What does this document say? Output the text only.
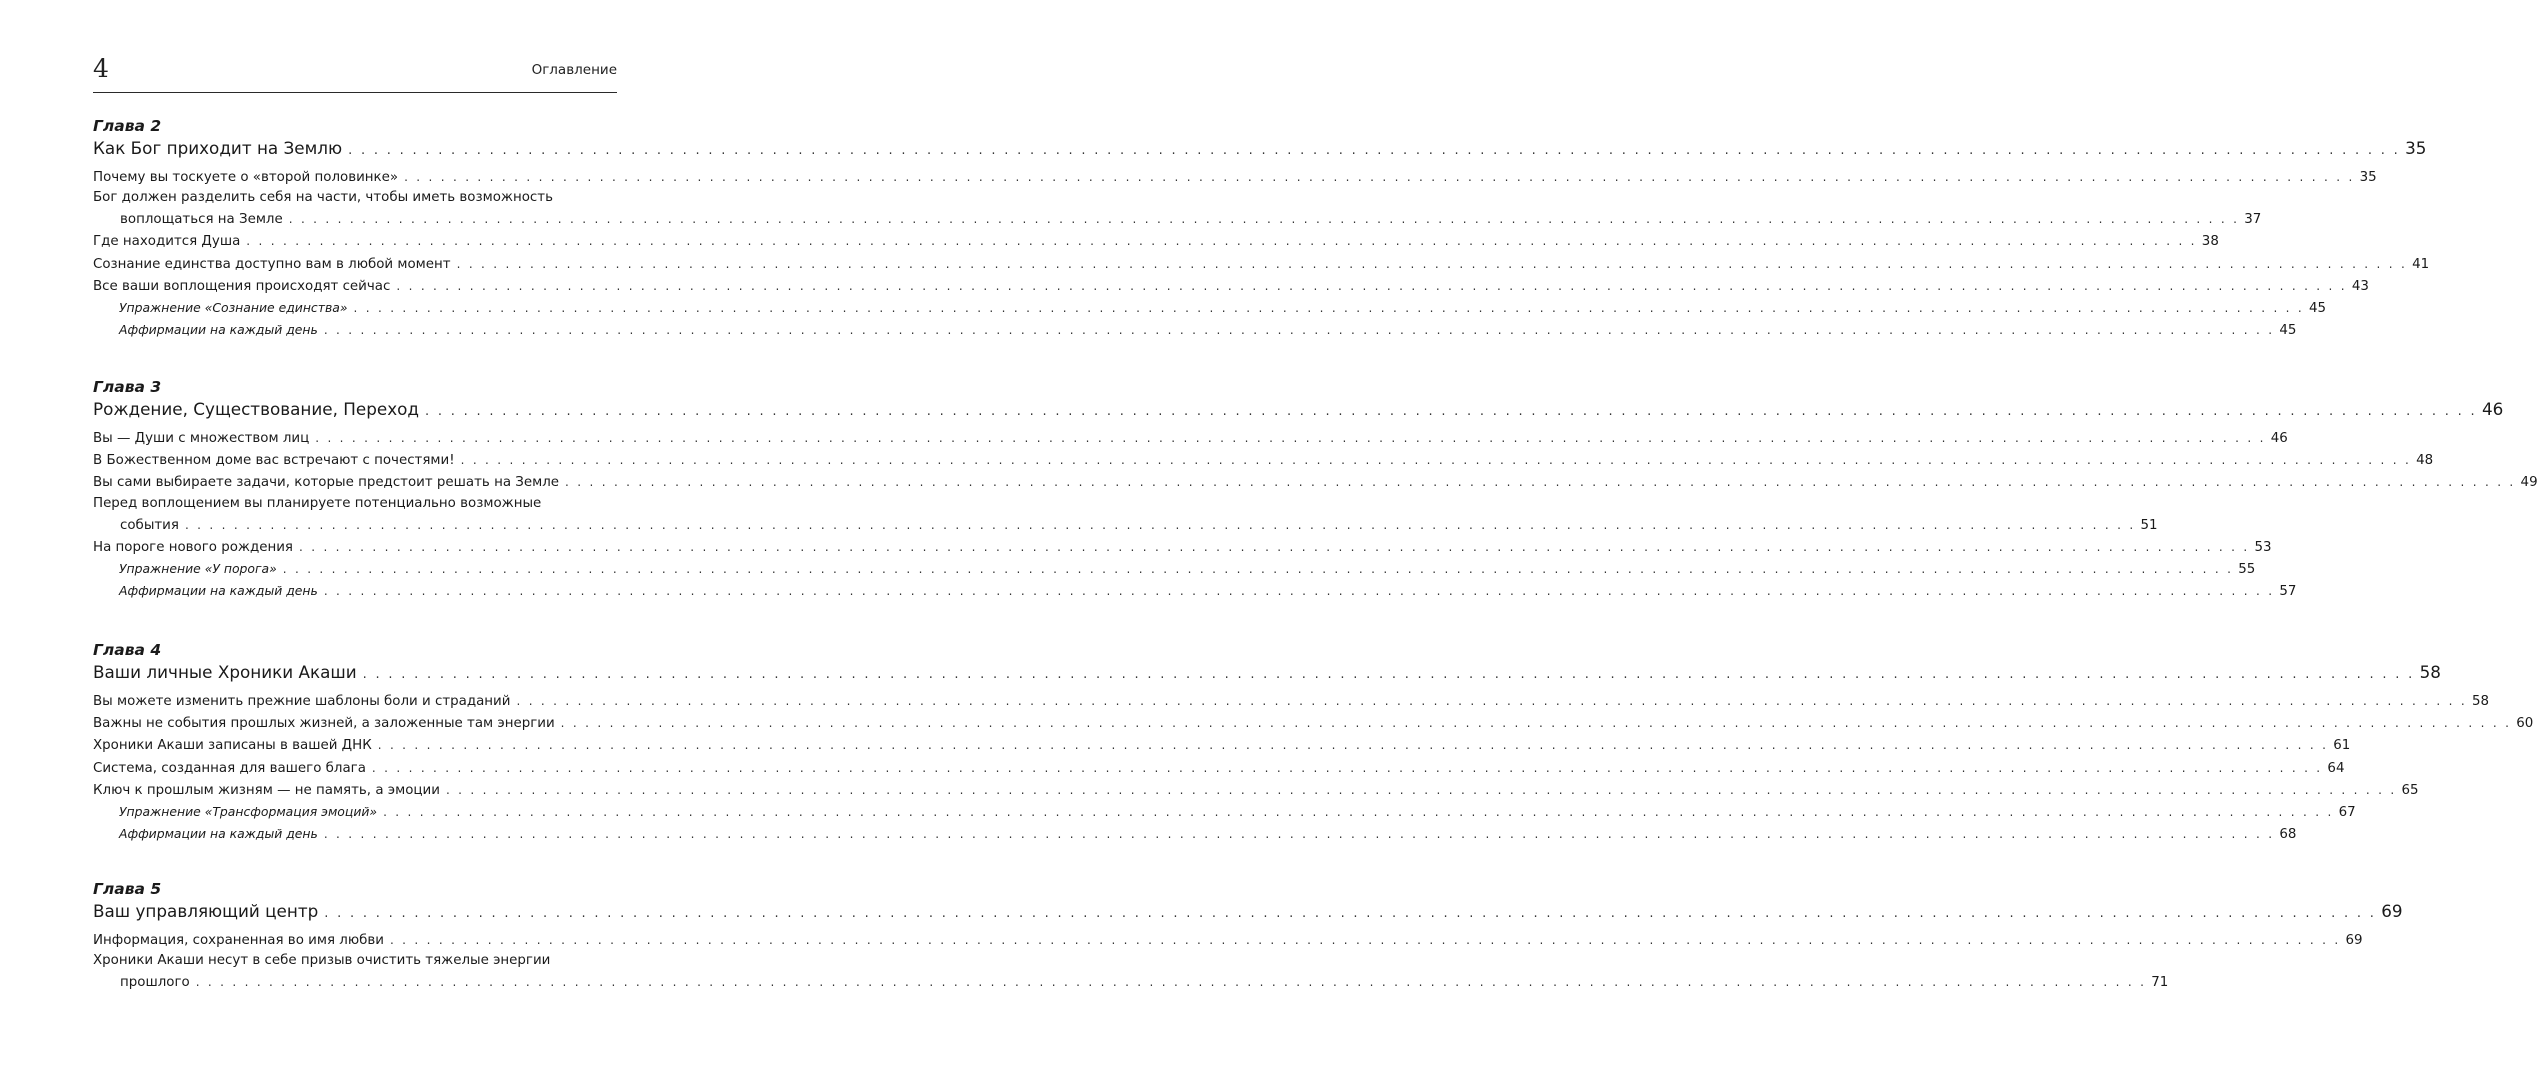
4	Оглавление
Глава 2
Как Бог приходит на Землю . . . . . . . . . . . . . . . . . . . . . . . . . . . . . . . . . . . . . . . . . . . . . . . . . . . . . . . . . . . . . . . . . . . . . . . . . . . . . . . . . . . . . . . . . . . . . . . . . . . . . . . . . . . . . . . . . . . . . . . . . . . . . . . . . . . . . . . . . . . . . . . . . . . . . . . . . . . . . . . . 35
Почему вы тоскуете о «второй половинке» . . . . . . . . . . . . . . . . . . . . . . . . . . . . . . . . . . . . . . . . . . . . . . . . . . . . . . . . . . . . . . . . . . . . . . . . . . . . . . . . . . . . . . . . . . . . . . . . . . . . . . . . . . . . . . . . . . . . . . . . . . . . . . . . . . . . . . . . . . . . . . . . . . . . . . . . . . . . . . . . 35
Бог должен разделить себя на части, чтобы иметь возможность
воплощаться на Земле . . . . . . . . . . . . . . . . . . . . . . . . . . . . . . . . . . . . . . . . . . . . . . . . . . . . . . . . . . . . . . . . . . . . . . . . . . . . . . . . . . . . . . . . . . . . . . . . . . . . . . . . . . . . . . . . . . . . . . . . . . . . . . . . . . . . . . . . . . . . . . . . . . . . . . . . . . . . . . . . 37
Где находится Душа . . . . . . . . . . . . . . . . . . . . . . . . . . . . . . . . . . . . . . . . . . . . . . . . . . . . . . . . . . . . . . . . . . . . . . . . . . . . . . . . . . . . . . . . . . . . . . . . . . . . . . . . . . . . . . . . . . . . . . . . . . . . . . . . . . . . . . . . . . . . . . . . . . . . . . . . . . . . . . . . 38
Сознание единства доступно вам в любой момент . . . . . . . . . . . . . . . . . . . . . . . . . . . . . . . . . . . . . . . . . . . . . . . . . . . . . . . . . . . . . . . . . . . . . . . . . . . . . . . . . . . . . . . . . . . . . . . . . . . . . . . . . . . . . . . . . . . . . . . . . . . . . . . . . . . . . . . . . . . . . . . . . . . . . . . . . . . . . . . . 41
Все ваши воплощения происходят сейчас . . . . . . . . . . . . . . . . . . . . . . . . . . . . . . . . . . . . . . . . . . . . . . . . . . . . . . . . . . . . . . . . . . . . . . . . . . . . . . . . . . . . . . . . . . . . . . . . . . . . . . . . . . . . . . . . . . . . . . . . . . . . . . . . . . . . . . . . . . . . . . . . . . . . . . . . . . . . . . . . 43
Упражнение «Сознание единства» . . . . . . . . . . . . . . . . . . . . . . . . . . . . . . . . . . . . . . . . . . . . . . . . . . . . . . . . . . . . . . . . . . . . . . . . . . . . . . . . . . . . . . . . . . . . . . . . . . . . . . . . . . . . . . . . . . . . . . . . . . . . . . . . . . . . . . . . . . . . . . . . . . . . . . . . . . . . . . . . 45
Аффирмации на каждый день . . . . . . . . . . . . . . . . . . . . . . . . . . . . . . . . . . . . . . . . . . . . . . . . . . . . . . . . . . . . . . . . . . . . . . . . . . . . . . . . . . . . . . . . . . . . . . . . . . . . . . . . . . . . . . . . . . . . . . . . . . . . . . . . . . . . . . . . . . . . . . . . . . . . . . . . . . . . . . . . 45
Глава 3
Рождение, Существование, Переход . . . . . . . . . . . . . . . . . . . . . . . . . . . . . . . . . . . . . . . . . . . . . . . . . . . . . . . . . . . . . . . . . . . . . . . . . . . . . . . . . . . . . . . . . . . . . . . . . . . . . . . . . . . . . . . . . . . . . . . . . . . . . . . . . . . . . . . . . . . . . . . . . . . . . . . . . . . . . . . . 46
Вы — Души с множеством лиц . . . . . . . . . . . . . . . . . . . . . . . . . . . . . . . . . . . . . . . . . . . . . . . . . . . . . . . . . . . . . . . . . . . . . . . . . . . . . . . . . . . . . . . . . . . . . . . . . . . . . . . . . . . . . . . . . . . . . . . . . . . . . . . . . . . . . . . . . . . . . . . . . . . . . . . . . . . . . . . . 46
В Божественном доме вас встречают с почестями! . . . . . . . . . . . . . . . . . . . . . . . . . . . . . . . . . . . . . . . . . . . . . . . . . . . . . . . . . . . . . . . . . . . . . . . . . . . . . . . . . . . . . . . . . . . . . . . . . . . . . . . . . . . . . . . . . . . . . . . . . . . . . . . . . . . . . . . . . . . . . . . . . . . . . . . . . . . . . . . . 48
Вы сами выбираете задачи, которые предстоит решать на Земле . . . . . . . . . . . . . . . . . . . . . . . . . . . . . . . . . . . . . . . . . . . . . . . . . . . . . . . . . . . . . . . . . . . . . . . . . . . . . . . . . . . . . . . . . . . . . . . . . . . . . . . . . . . . . . . . . . . . . . . . . . . . . . . . . . . . . . . . . . . . . . . . . . . . . . . . . . . . . . . . 49
Перед воплощением вы планируете потенциально возможные
события . . . . . . . . . . . . . . . . . . . . . . . . . . . . . . . . . . . . . . . . . . . . . . . . . . . . . . . . . . . . . . . . . . . . . . . . . . . . . . . . . . . . . . . . . . . . . . . . . . . . . . . . . . . . . . . . . . . . . . . . . . . . . . . . . . . . . . . . . . . . . . . . . . . . . . . . . . . . . . . . 51
На пороге нового рождения . . . . . . . . . . . . . . . . . . . . . . . . . . . . . . . . . . . . . . . . . . . . . . . . . . . . . . . . . . . . . . . . . . . . . . . . . . . . . . . . . . . . . . . . . . . . . . . . . . . . . . . . . . . . . . . . . . . . . . . . . . . . . . . . . . . . . . . . . . . . . . . . . . . . . . . . . . . . . . . . 53
Упражнение «У порога» . . . . . . . . . . . . . . . . . . . . . . . . . . . . . . . . . . . . . . . . . . . . . . . . . . . . . . . . . . . . . . . . . . . . . . . . . . . . . . . . . . . . . . . . . . . . . . . . . . . . . . . . . . . . . . . . . . . . . . . . . . . . . . . . . . . . . . . . . . . . . . . . . . . . . . . . . . . . . . . . 55
Аффирмации на каждый день . . . . . . . . . . . . . . . . . . . . . . . . . . . . . . . . . . . . . . . . . . . . . . . . . . . . . . . . . . . . . . . . . . . . . . . . . . . . . . . . . . . . . . . . . . . . . . . . . . . . . . . . . . . . . . . . . . . . . . . . . . . . . . . . . . . . . . . . . . . . . . . . . . . . . . . . . . . . . . . . 57
Глава 4
Ваши личные Хроники Акаши . . . . . . . . . . . . . . . . . . . . . . . . . . . . . . . . . . . . . . . . . . . . . . . . . . . . . . . . . . . . . . . . . . . . . . . . . . . . . . . . . . . . . . . . . . . . . . . . . . . . . . . . . . . . . . . . . . . . . . . . . . . . . . . . . . . . . . . . . . . . . . . . . . . . . . . . . . . . . . . . 58
Вы можете изменить прежние шаблоны боли и страданий . . . . . . . . . . . . . . . . . . . . . . . . . . . . . . . . . . . . . . . . . . . . . . . . . . . . . . . . . . . . . . . . . . . . . . . . . . . . . . . . . . . . . . . . . . . . . . . . . . . . . . . . . . . . . . . . . . . . . . . . . . . . . . . . . . . . . . . . . . . . . . . . . . . . . . . . . . . . . . . . 58
Важны не события прошлых жизней, а заложенные там энергии . . . . . . . . . . . . . . . . . . . . . . . . . . . . . . . . . . . . . . . . . . . . . . . . . . . . . . . . . . . . . . . . . . . . . . . . . . . . . . . . . . . . . . . . . . . . . . . . . . . . . . . . . . . . . . . . . . . . . . . . . . . . . . . . . . . . . . . . . . . . . . . . . . . . . . . . . . . . . . . . 60
Хроники Акаши записаны в вашей ДНК . . . . . . . . . . . . . . . . . . . . . . . . . . . . . . . . . . . . . . . . . . . . . . . . . . . . . . . . . . . . . . . . . . . . . . . . . . . . . . . . . . . . . . . . . . . . . . . . . . . . . . . . . . . . . . . . . . . . . . . . . . . . . . . . . . . . . . . . . . . . . . . . . . . . . . . . . . . . . . . . 61
Система, созданная для вашего блага . . . . . . . . . . . . . . . . . . . . . . . . . . . . . . . . . . . . . . . . . . . . . . . . . . . . . . . . . . . . . . . . . . . . . . . . . . . . . . . . . . . . . . . . . . . . . . . . . . . . . . . . . . . . . . . . . . . . . . . . . . . . . . . . . . . . . . . . . . . . . . . . . . . . . . . . . . . . . . . . 64
Ключ к прошлым жизням — не память, а эмоции . . . . . . . . . . . . . . . . . . . . . . . . . . . . . . . . . . . . . . . . . . . . . . . . . . . . . . . . . . . . . . . . . . . . . . . . . . . . . . . . . . . . . . . . . . . . . . . . . . . . . . . . . . . . . . . . . . . . . . . . . . . . . . . . . . . . . . . . . . . . . . . . . . . . . . . . . . . . . . . . 65
Упражнение «Трансформация эмоций» . . . . . . . . . . . . . . . . . . . . . . . . . . . . . . . . . . . . . . . . . . . . . . . . . . . . . . . . . . . . . . . . . . . . . . . . . . . . . . . . . . . . . . . . . . . . . . . . . . . . . . . . . . . . . . . . . . . . . . . . . . . . . . . . . . . . . . . . . . . . . . . . . . . . . . . . . . . . . . . . 67
Аффирмации на каждый день . . . . . . . . . . . . . . . . . . . . . . . . . . . . . . . . . . . . . . . . . . . . . . . . . . . . . . . . . . . . . . . . . . . . . . . . . . . . . . . . . . . . . . . . . . . . . . . . . . . . . . . . . . . . . . . . . . . . . . . . . . . . . . . . . . . . . . . . . . . . . . . . . . . . . . . . . . . . . . . . 68
Глава 5
Ваш управляющий центр . . . . . . . . . . . . . . . . . . . . . . . . . . . . . . . . . . . . . . . . . . . . . . . . . . . . . . . . . . . . . . . . . . . . . . . . . . . . . . . . . . . . . . . . . . . . . . . . . . . . . . . . . . . . . . . . . . . . . . . . . . . . . . . . . . . . . . . . . . . . . . . . . . . . . . . . . . . . . . . . 69
Информация, сохраненная во имя любви . . . . . . . . . . . . . . . . . . . . . . . . . . . . . . . . . . . . . . . . . . . . . . . . . . . . . . . . . . . . . . . . . . . . . . . . . . . . . . . . . . . . . . . . . . . . . . . . . . . . . . . . . . . . . . . . . . . . . . . . . . . . . . . . . . . . . . . . . . . . . . . . . . . . . . . . . . . . . . . . 69
Хроники Акаши несут в себе призыв очистить тяжелые энергии
прошлого . . . . . . . . . . . . . . . . . . . . . . . . . . . . . . . . . . . . . . . . . . . . . . . . . . . . . . . . . . . . . . . . . . . . . . . . . . . . . . . . . . . . . . . . . . . . . . . . . . . . . . . . . . . . . . . . . . . . . . . . . . . . . . . . . . . . . . . . . . . . . . . . . . . . . . . . . . . . . . . . 71
